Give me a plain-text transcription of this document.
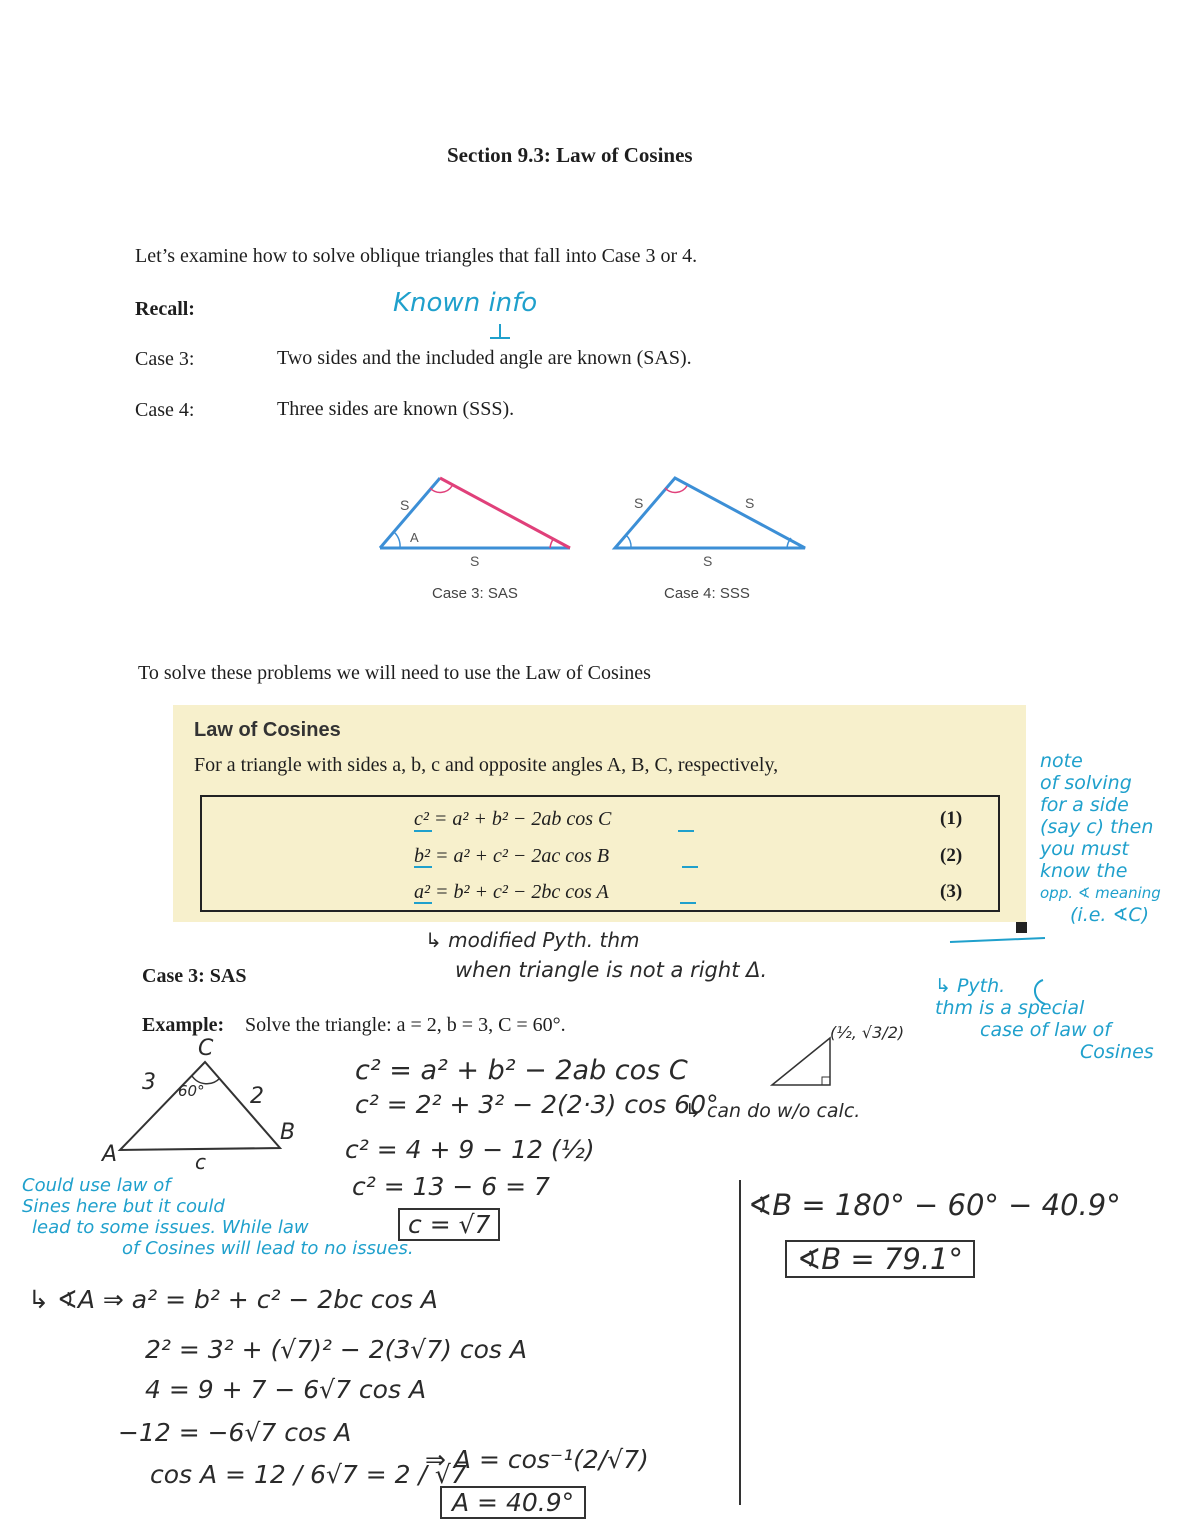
Section 9.3: Law of Cosines
Let’s examine how to solve oblique triangles that fall into Case 3 or 4.
Recall:	Known info
Case 3:	Two sides and the included angle are known (SAS).
Case 4:	Three sides are known (SSS).
S
A
S
Case 3: SAS
S	S
S
Case 4: SSS
To solve these problems we will need to use the Law of Cosines
Law of Cosines
For a triangle with sides a, b, c and opposite angles A, B, C, respectively,
c² = a² + b² − 2ab cos C	(1)
b² = a² + c² − 2ac cos B	(2)
a² = b² + c² − 2bc cos A	(3)
note
of solving
for a side
(say c) then
you must
know the
opp. ∢ meaning
(i.e. ∢C)
↳ Pyth.
thm is a special
case of law of
Cosines
↳ modified Pyth. thm
when triangle is not a right Δ.
Case 3: SAS
Example: Solve the triangle: a = 2, b = 3, C = 60°.
C
3 60° 2
A
B
c
c² = a² + b² − 2ab cos C
c² = 2² + 3² − 2(2·3) cos 60°
c² = 4 + 9 − 12 (½)
c² = 13 − 6 = 7
c = √7
(½, √3/2)
↳ can do w/o calc.
Could use law of
Sines here but it could
lead to some issues. While law
of Cosines will lead to no issues.
↳ ∢A ⇒ a² = b² + c² − 2bc cos A
2² = 3² + (√7)² − 2(3√7) cos A
4 = 9 + 7 − 6√7 cos A
−12 = −6√7 cos A
cos A = 12 / 6√7 = 2 / √7
⇒ A = cos⁻¹(2/√7)
A = 40.9°
∢B = 180° − 60° − 40.9°
∢B = 79.1°
